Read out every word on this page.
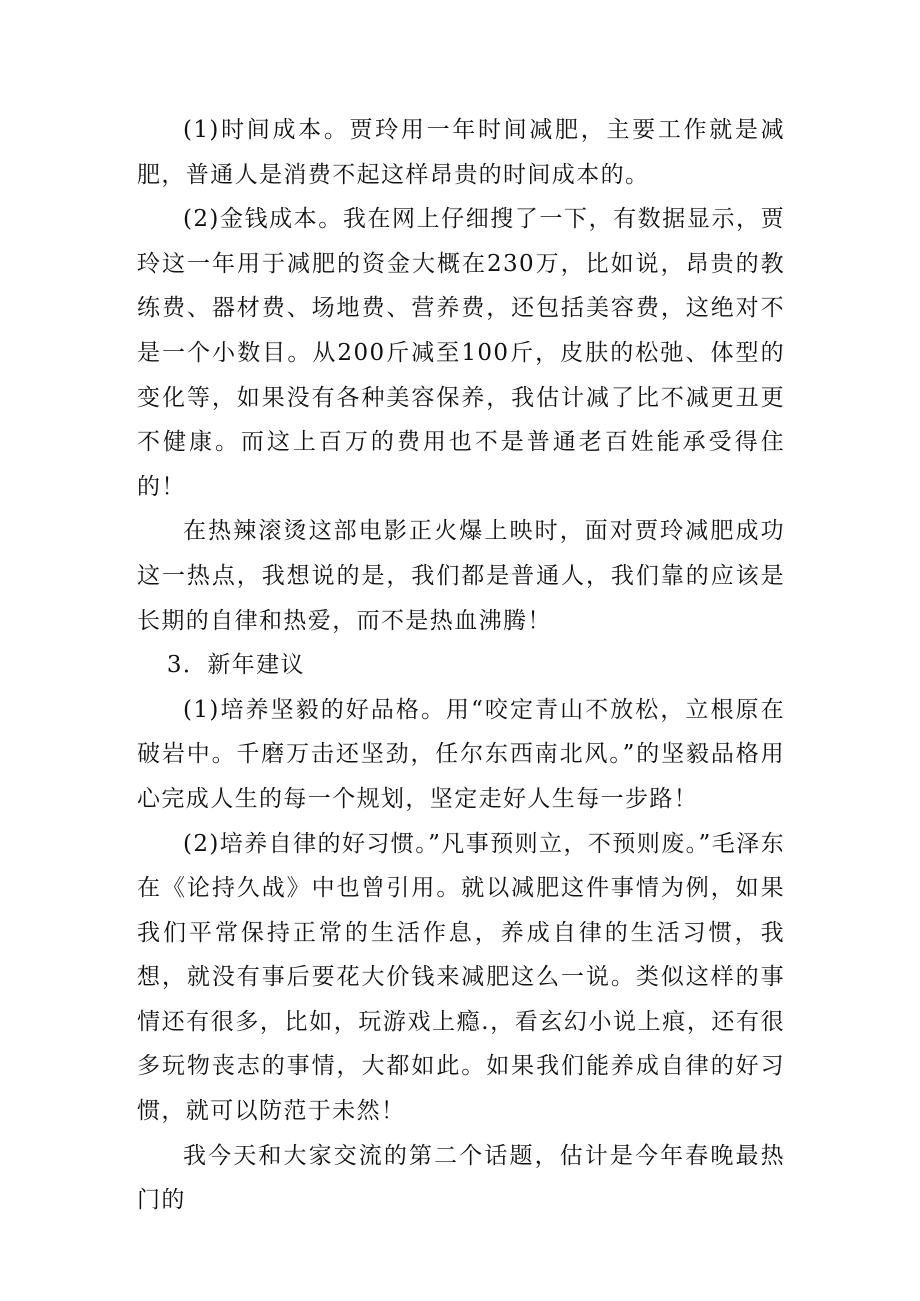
(1)时间成本。贾玲用一年时间减肥，主要工作就是减肥，普通人是消费不起这样昂贵的时间成本的。

(2)金钱成本。我在网上仔细搜了一下，有数据显示，贾玲这一年用于减肥的资金大概在230万，比如说，昂贵的教练费、器材费、场地费、营养费，还包括美容费，这绝对不是一个小数目。从200斤减至100斤，皮肤的松弛、体型的变化等，如果没有各种美容保养，我估计减了比不减更丑更不健康。而这上百万的费用也不是普通老百姓能承受得住的！

在热辣滚烫这部电影正火爆上映时，面对贾玲减肥成功这一热点，我想说的是，我们都是普通人，我们靠的应该是长期的自律和热爱，而不是热血沸腾！

3．新年建议

(1)培养坚毅的好品格。用“咬定青山不放松，立根原在破岩中。千磨万击还坚劲，任尔东西南北风。”的坚毅品格用心完成人生的每一个规划，坚定走好人生每一步路！

(2)培养自律的好习惯。”凡事预则立，不预则废。”毛泽东在《论持久战》中也曾引用。就以减肥这件事情为例，如果我们平常保持正常的生活作息，养成自律的生活习惯，我想，就没有事后要花大价钱来减肥这么一说。类似这样的事情还有很多，比如，玩游戏上瘾.，看玄幻小说上痕，还有很多玩物丧志的事情，大都如此。如果我们能养成自律的好习惯，就可以防范于未然！

我今天和大家交流的第二个话题，估计是今年春晚最热门的
